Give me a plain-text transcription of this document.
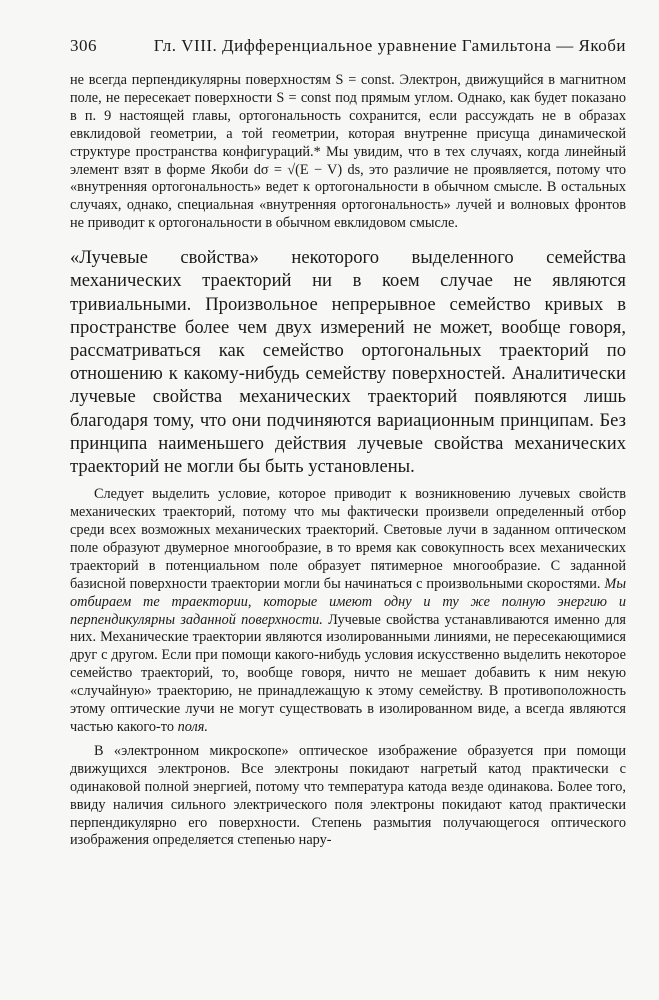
306	Гл. VIII. Дифференциальное уравнение Гамильтона — Якоби

не всегда перпендикулярны поверхностям S = const. Электрон, движущийся в магнитном поле, не пересекает поверхности S = const под прямым углом. Однако, как будет показано в п. 9 настоящей главы, ортогональность сохранится, если рассуждать не в образах евклидовой геометрии, а той геометрии, которая внутренне присуща динамической структуре пространства конфигураций.* Мы увидим, что в тех случаях, когда линейный элемент взят в форме Якоби dσ = √(E − V) ds, это различие не проявляется, потому что «внутренняя ортогональность» ведет к ортогональности в обычном смысле. В остальных случаях, однако, специальная «внутренняя ортогональность» лучей и волновых фронтов не приводит к ортогональности в обычном евклидовом смысле.

«Лучевые свойства» некоторого выделенного семейства механических траекторий ни в коем случае не являются тривиальными. Произвольное непрерывное семейство кривых в пространстве более чем двух измерений не может, вообще говоря, рассматриваться как семейство ортогональных траекторий по отношению к какому-нибудь семейству поверхностей. Аналитически лучевые свойства механических траекторий появляются лишь благодаря тому, что они подчиняются вариационным принципам. Без принципа наименьшего действия лучевые свойства механических траекторий не могли бы быть установлены.

Следует выделить условие, которое приводит к возникновению лучевых свойств механических траекторий, потому что мы фактически произвели определенный отбор среди всех возможных механических траекторий. Световые лучи в заданном оптическом поле образуют двумерное многообразие, в то время как совокупность всех механических траекторий в потенциальном поле образует пятимерное многообразие. С заданной базисной поверхности траектории могли бы начинаться с произвольными скоростями. Мы отбираем те траектории, которые имеют одну и ту же полную энергию и перпендикулярны заданной поверхности. Лучевые свойства устанавливаются именно для них. Механические траектории являются изолированными линиями, не пересекающимися друг с другом. Если при помощи какого-нибудь условия искусственно выделить некоторое семейство траекторий, то, вообще говоря, ничто не мешает добавить к ним некую «случайную» траекторию, не принадлежащую к этому семейству. В противоположность этому оптические лучи не могут существовать в изолированном виде, а всегда являются частью какого-то поля.

В «электронном микроскопе» оптическое изображение образуется при помощи движущихся электронов. Все электроны покидают нагретый катод практически с одинаковой полной энергией, потому что температура катода везде одинакова. Более того, ввиду наличия сильного электрического поля электроны покидают катод практически перпендикулярно его поверхности. Степень размытия получающегося оптического изображения определяется степенью нару-
